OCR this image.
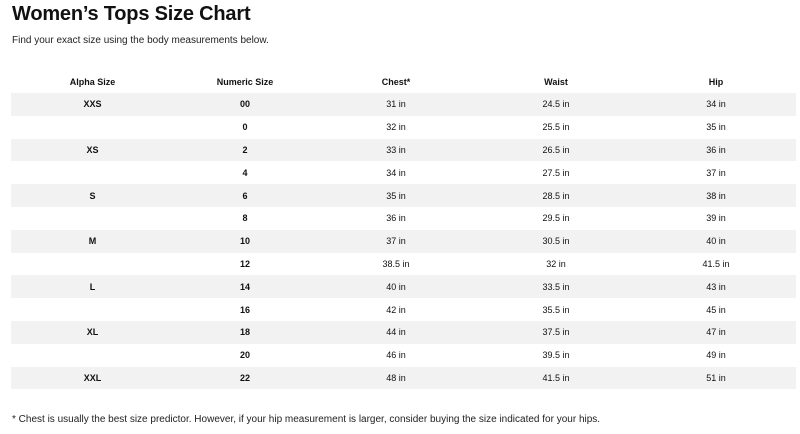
Women’s Tops Size Chart

Find your exact size using the body measurements below.

Alpha Size	Numeric Size	Chest*	Waist	Hip
XXS	00	31 in	24.5 in	34 in
	0	32 in	25.5 in	35 in
XS	2	33 in	26.5 in	36 in
	4	34 in	27.5 in	37 in
S	6	35 in	28.5 in	38 in
	8	36 in	29.5 in	39 in
M	10	37 in	30.5 in	40 in
	12	38.5 in	32 in	41.5 in
L	14	40 in	33.5 in	43 in
	16	42 in	35.5 in	45 in
XL	18	44 in	37.5 in	47 in
	20	46 in	39.5 in	49 in
XXL	22	48 in	41.5 in	51 in

* Chest is usually the best size predictor. However, if your hip measurement is larger, consider buying the size indicated for your hips.
